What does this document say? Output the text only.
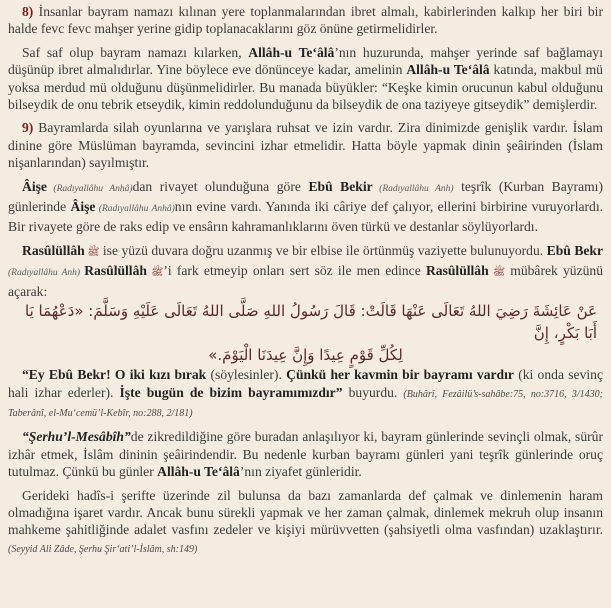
8) İnsanlar bayram namazı kılınan yere toplanmalarından ibret almalı, kabirlerinden kalkıp her biri bir halde fevc fevc mahşer yerine gidip toplanacaklarını göz önüne getirmelidirler.

Saf saf olup bayram namazı kılarken, Allâh-u Te‘âlâ’nın huzurunda, mahşer yerinde saf bağlamayı düşünüp ibret almalıdırlar. Yine böylece eve dönünceye kadar, amelinin Allâh-u Te‘âlâ katında, makbul mü yoksa merdud mü olduğunu düşünmelidirler. Bu manada büyükler: “Keşke kimin orucunun kabul olduğunu bilseydik de onu tebrik etseydik, kimin reddolunduğunu da bilseydik de ona taziyeye gitseydik” demişlerdir.

9) Bayramlarda silah oyunlarına ve yarışlara ruhsat ve izin vardır. Zira dinimizde genişlik vardır. İslam dinine göre Müslüman bayramda, sevincini izhar etmelidir. Hatta böyle yapmak dinin şeâirinden (İslam nişanlarından) sayılmıştır.

Âişe (Radıyallâhu Anhâ)dan rivayet olunduğuna göre Ebû Bekir (Radıyallâhu Anh) teşrîk (Kurban Bayramı) günlerinde Âişe (Radıyallâhu Anhâ)nın evine vardı. Yanında iki câriye def çalıyor, ellerini birbirine vuruyorlardı. Bir rivayete göre de raks edip ve ensârın kahramanlıklarını öven türkü ve destanlar söylüyorlardı.

Rasûlüllâh ﷺ ise yüzü duvara doğru uzanmış ve bir elbise ile örtünmüş vaziyette bulunuyordu. Ebû Bekr (Radıyallâhu Anh) Rasûlüllâh ﷺ’i fark etmeyip onları sert söz ile men edince Rasûlüllâh ﷺ mübârek yüzünü açarak:

عَنْ عَائِشَةَ رَضِيَ اللهُ تَعَالَى عَنْهَا قَالَتْ: قَالَ رَسُولُ اللهِ صَلَّى اللهُ تَعَالَى عَلَيْهِ وَسَلَّمَ: «دَعْهُمَا يَا أَبَا بَكْرٍ، إِنَّ
لِكُلِّ قَوْمٍ عِيدًا وَإِنَّ عِيدَنَا الْيَوْمَ.»

“Ey Ebû Bekr! O iki kızı bırak (söylesinler). Çünkü her kavmin bir bayramı vardır (ki onda sevinç hali izhar ederler). İşte bugün de bizim bayramımızdır” buyurdu. (Buhârî, Fezâilü’s-sahâbe:75, no:3716, 3/1430; Taberânî, el-Mu‘cemü’l-Kebîr, no:288, 2/181)

“Şerhu’l-Mesâbîh”de zikredildiğine göre buradan anlaşılıyor ki, bayram günlerinde sevinçli olmak, sürûr izhâr etmek, İslâm dininin şeâirindendir. Bu nedenle kurban bayramı günleri yani teşrîk günlerinde oruç tutulmaz. Çünkü bu günler Allâh-u Te‘âlâ’nın ziyafet günleridir.

Gerideki hadîs-i şerifte üzerinde zil bulunsa da bazı zamanlarda def çalmak ve dinlemenin haram olmadığına işaret vardır. Ancak bunu sürekli yapmak ve her zaman çalmak, dinlemek mekruh olup insanın mahkeme şahitliğinde adalet vasfını zedeler ve kişiyi mürüvvetten (şahsiyetli olma vasfından) uzaklaştırır. (Seyyid Ali Zâde, Şerhu Şir‘ati’l-İslâm, sh:149)
